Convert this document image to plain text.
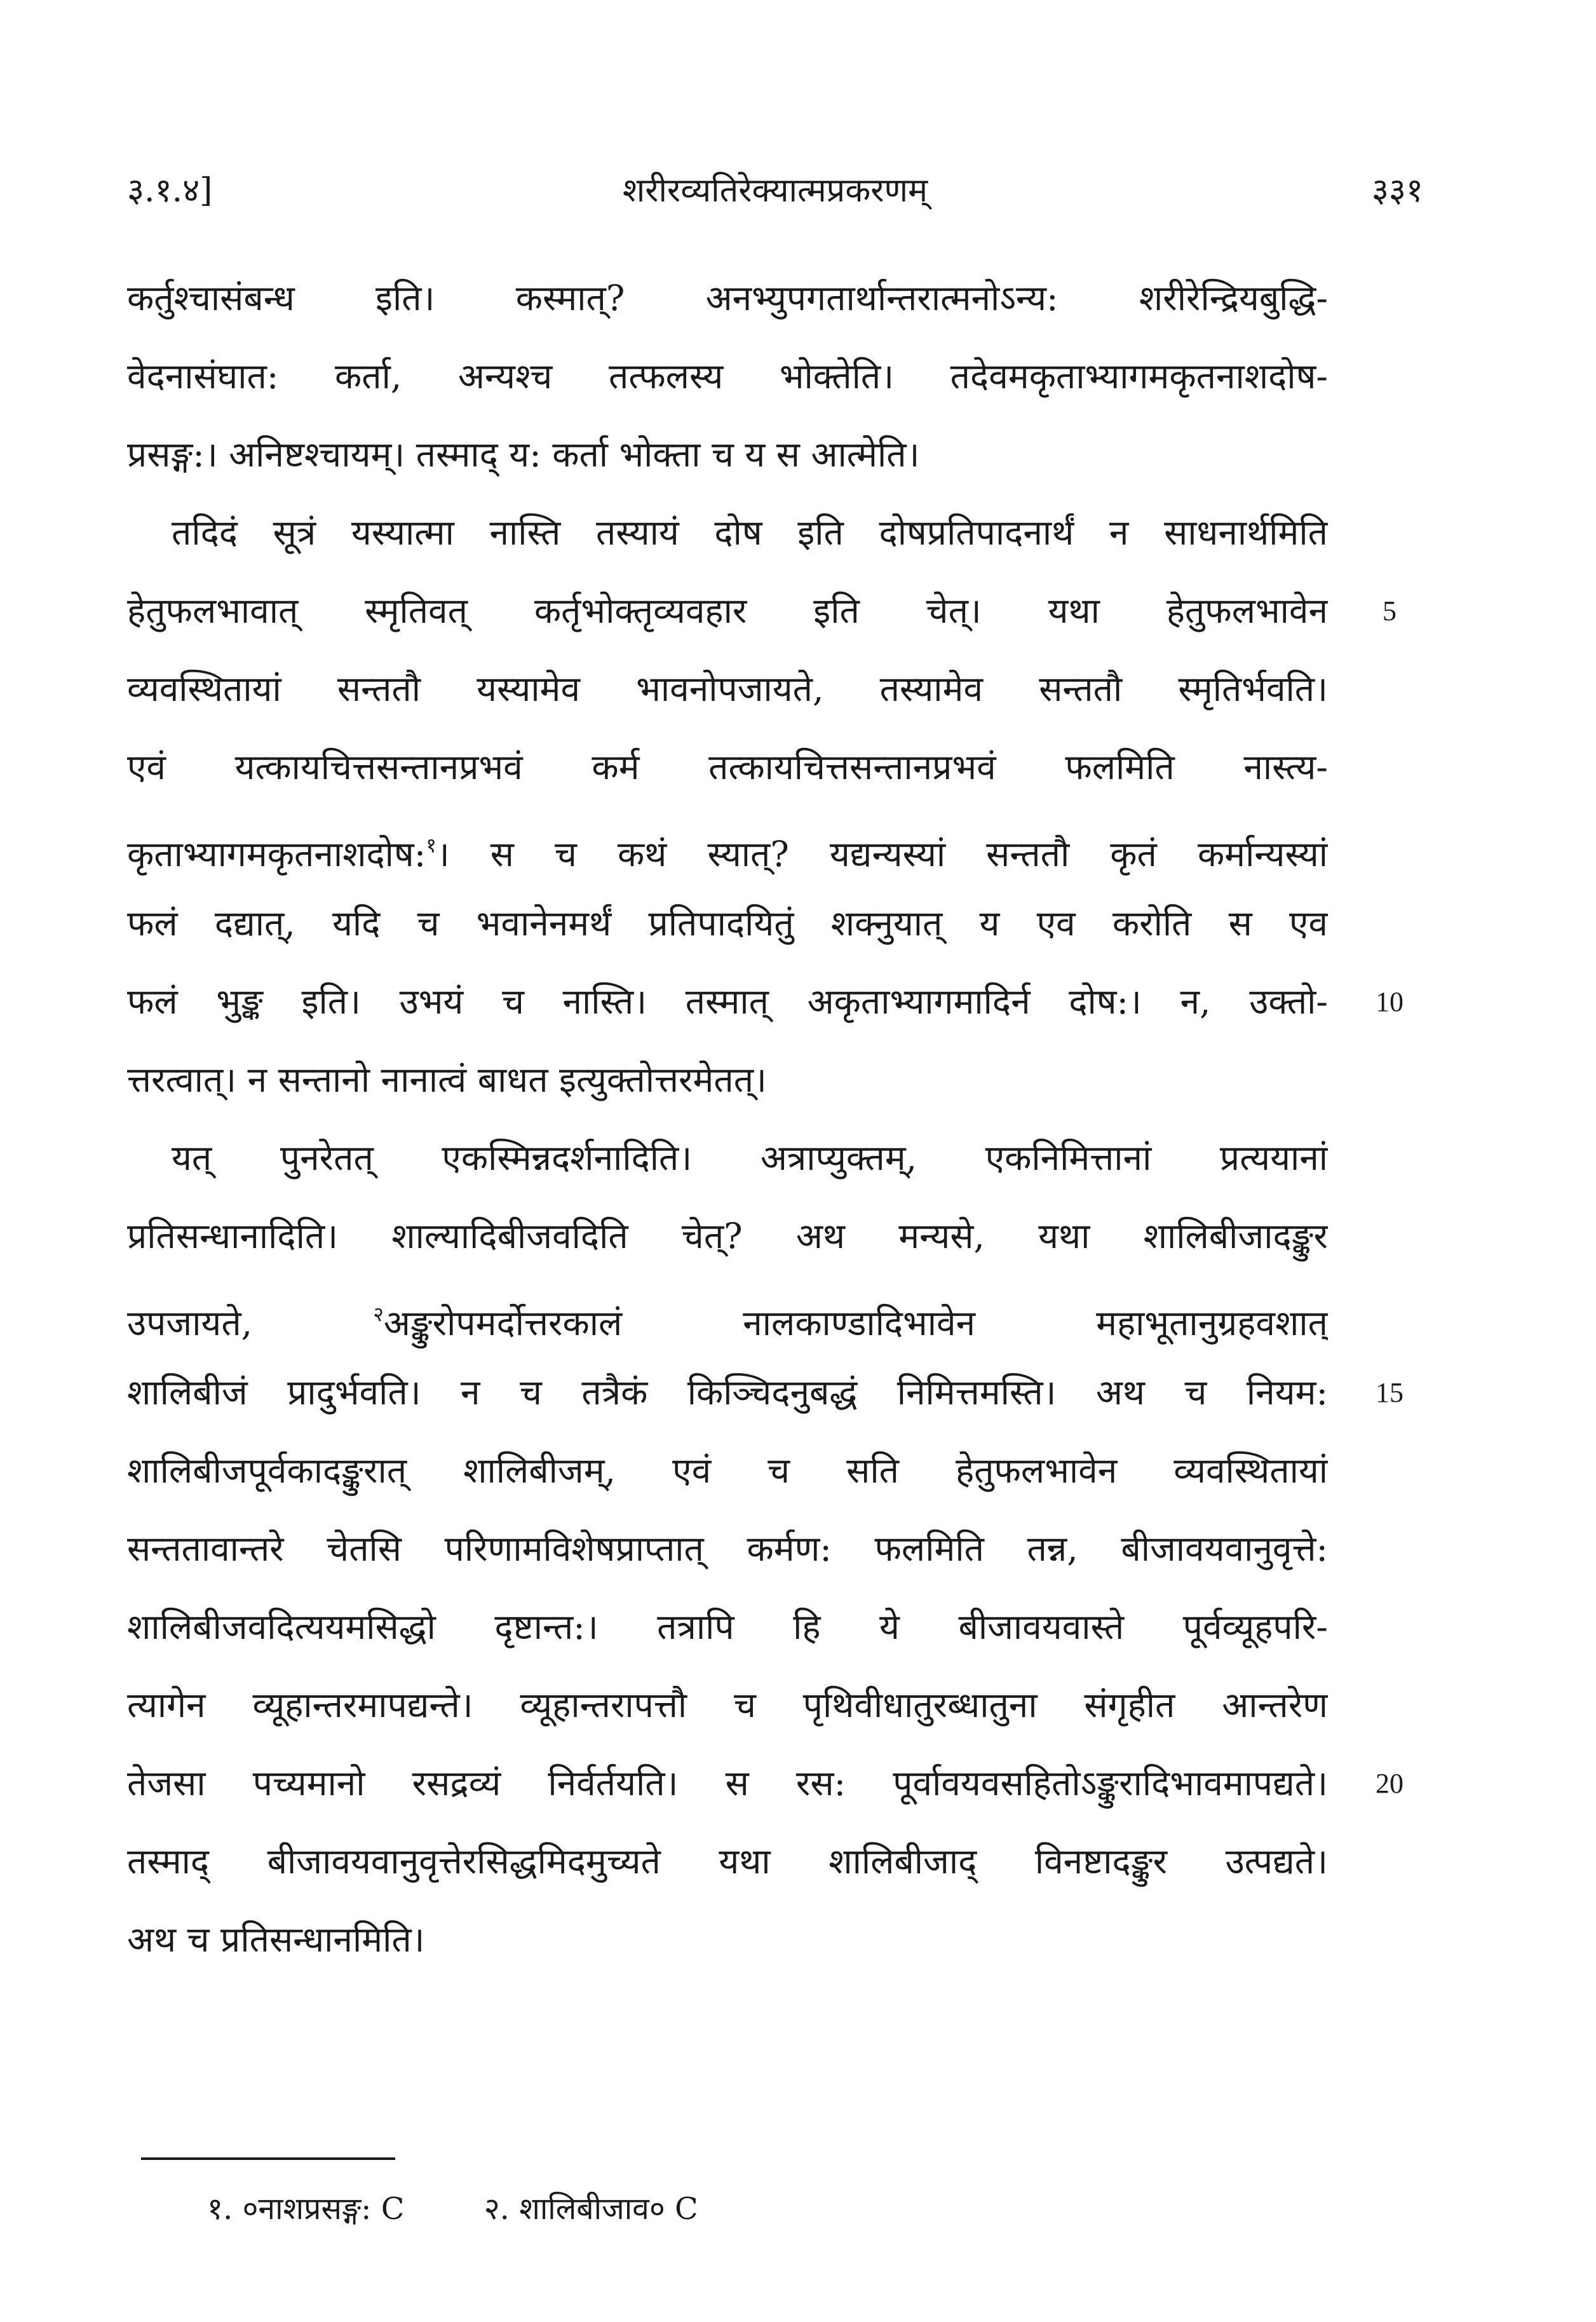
३.१.४]	शरीरव्यतिरेक्यात्मप्रकरणम्	३३१
कर्तुश्चासंबन्ध इति। कस्मात्? अनभ्युपगतार्थान्तरात्मनोऽन्य: शरीरेन्द्रियबुद्धि-
वेदनासंघात: कर्ता, अन्यश्च तत्फलस्य भोक्तेति। तदेवमकृताभ्यागमकृतनाशदोष-
प्रसङ्ग:। अनिष्टश्चायम्। तस्माद् य: कर्ता भोक्ता च य स आत्मेति।
तदिदं सूत्रं यस्यात्मा नास्ति तस्यायं दोष इति दोषप्रतिपादनार्थं न साधनार्थमिति
हेतुफलभावात् स्मृतिवत् कर्तृभोक्तृव्यवहार इति चेत्। यथा हेतुफलभावेन
व्यवस्थितायां सन्ततौ यस्यामेव भावनोपजायते, तस्यामेव सन्ततौ स्मृतिर्भवति।
एवं यत्कायचित्तसन्तानप्रभवं कर्म तत्कायचित्तसन्तानप्रभवं फलमिति नास्त्य-
कृताभ्यागमकृतनाशदोष:$^१$। स च कथं स्यात्? यद्यन्यस्यां सन्ततौ कृतं कर्मान्यस्यां
फलं दद्यात्, यदि च भवानेनमर्थं प्रतिपादयितुं शक्नुयात् य एव करोति स एव
फलं भुङ्क इति। उभयं च नास्ति। तस्मात् अकृताभ्यागमादिर्न दोष:। न, उक्तो-
त्तरत्वात्। न सन्तानो नानात्वं बाधत इत्युक्तोत्तरमेतत्।
यत् पुनरेतत् एकस्मिन्नदर्शनादिति। अत्राप्युक्तम्, एकनिमित्तानां प्रत्ययानां
प्रतिसन्धानादिति। शाल्यादिबीजवदिति चेत्? अथ मन्यसे, यथा शालिबीजादङ्कुर
उपजायते,	$^२$अङ्कुरोपमर्दोत्तरकालं नालकाण्डादिभावेन महाभूतानुग्रहवशात्
शालिबीजं प्रादुर्भवति। न च तत्रैकं किञ्चिदनुबद्धं निमित्तमस्ति। अथ च नियम:
शालिबीजपूर्वकादङ्कुरात् शालिबीजम्, एवं च सति हेतुफलभावेन व्यवस्थितायां
सन्ततावान्तरे चेतसि परिणामविशेषप्राप्तात् कर्मण: फलमिति तन्न, बीजावयवानुवृत्ते:
शालिबीजवदित्ययमसिद्धो दृष्टान्त:। तत्रापि हि ये बीजावयवास्ते पूर्वव्यूहपरि-
त्यागेन व्यूहान्तरमापद्यन्ते। व्यूहान्तरापत्तौ च पृथिवीधातुरब्धातुना संगृहीत आन्तरेण
तेजसा पच्यमानो रसद्रव्यं निर्वर्तयति। स रस: पूर्वावयवसहितोऽङ्कुरादिभावमापद्यते।
तस्माद् बीजावयवानुवृत्तेरसिद्धमिदमुच्यते यथा शालिबीजाद् विनष्टादङ्कुर उत्पद्यते।
अथ च प्रतिसन्धानमिति।
5
10
15
20
१. ०नाशप्रसङ्ग: C	२. शालिबीजाव० C
